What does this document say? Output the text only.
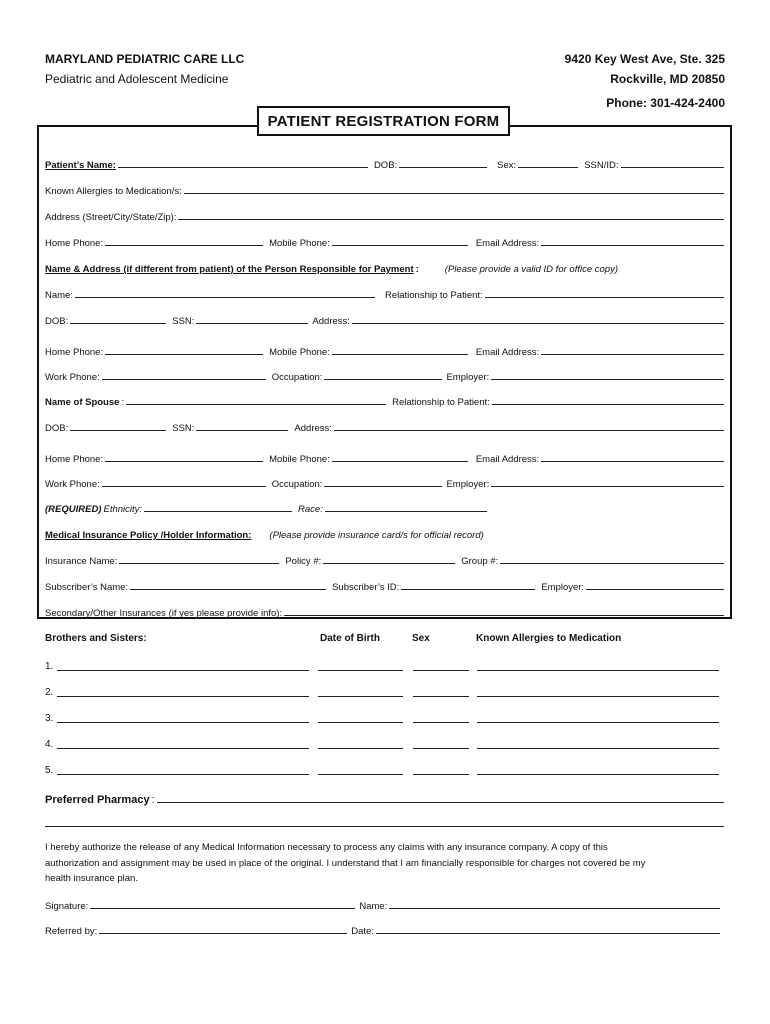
MARYLAND PEDIATRIC CARE LLC
Pediatric and Adolescent Medicine
9420 Key West Ave, Ste. 325
Rockville, MD 20850
Phone: 301-424-2400
PATIENT REGISTRATION FORM
Patient’s Name:	DOB:	Sex:	SSN/ID:
Known Allergies to Medication/s:
Address (Street/City/State/Zip):
Home Phone:	Mobile Phone:	Email Address:
Name & Address (if different from patient) of the Person Responsible for Payment :	(Please provide a valid ID for office copy)
Name:	Relationship to Patient:
DOB:	SSN:	Address:
Home Phone:	Mobile Phone:	Email Address:
Work Phone:	Occupation:	Employer:
Name of Spouse :	Relationship to Patient:
DOB:	SSN:	Address:
Home Phone:	Mobile Phone:	Email Address:
Work Phone:	Occupation:	Employer:
(REQUIRED) Ethnicity:	Race:
Medical Insurance Policy /Holder Information: (Please provide insurance card/s for official record)
Insurance Name:	Policy #:	Group #:
Subscriber’s Name:	Subscriber’s ID:	Employer:
Secondary/Other Insurances (if yes please provide info):
Brothers and Sisters:	Date of Birth	Sex	Known Allergies to Medication
1.
2.
3.
4.
5.
Preferred Pharmacy :
I hereby authorize the release of any Medical Information necessary to process any claims with any insurance company. A copy of this
authorization and assignment may be used in place of the original. I understand that I am financially responsible for charges not covered be my
health insurance plan.
Signature:	Name:
Referred by:	Date:
